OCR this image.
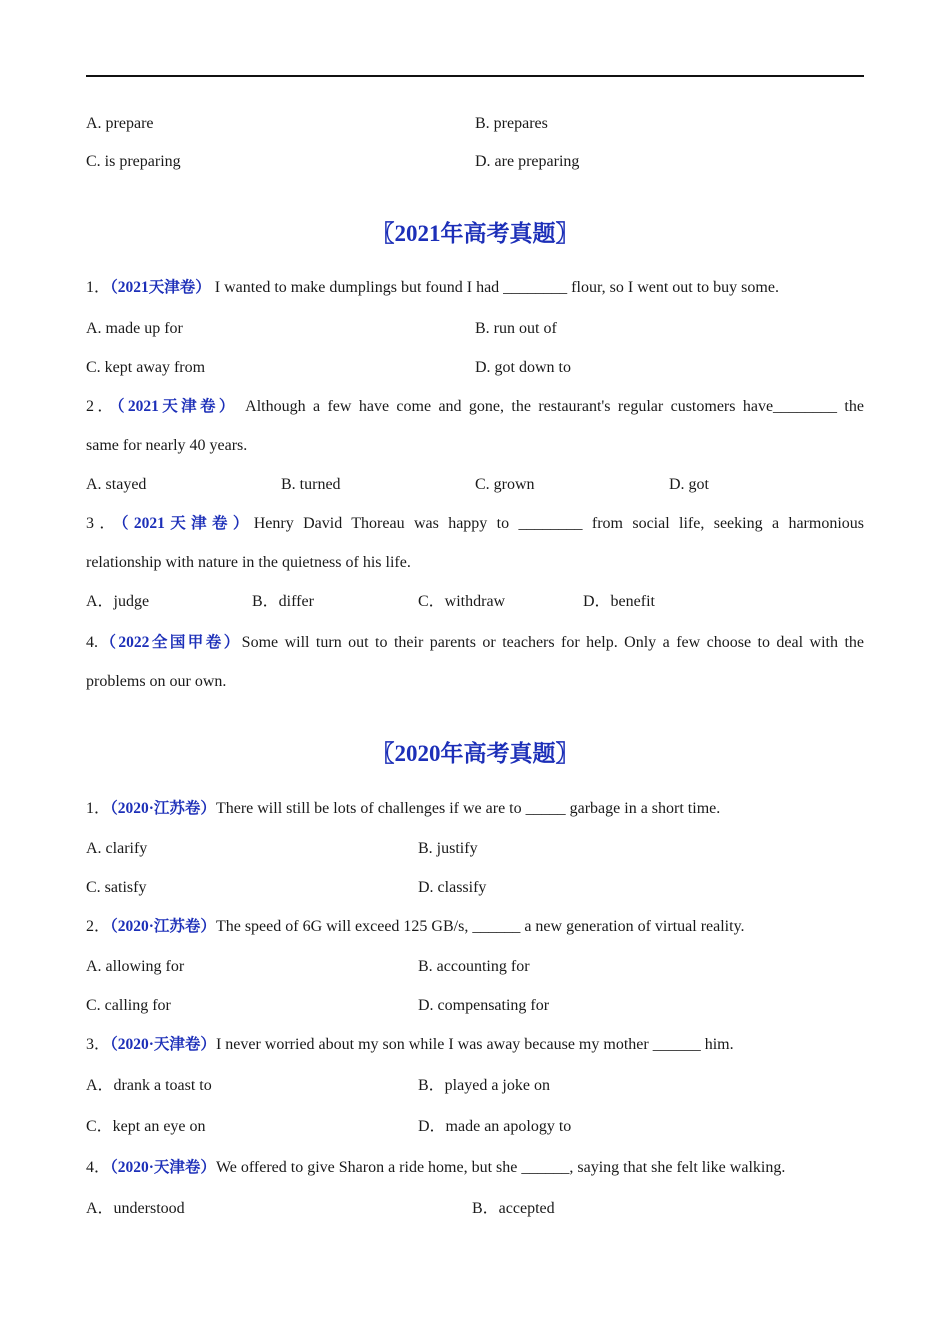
A. prepare	B. prepares
C. is preparing	D. are preparing
〖2021年高考真题〗
1．（2021天津卷） I wanted to make dumplings but found I had ________ flour, so I went out to buy some.
A. made up for	B. run out of
C. kept away from	D. got down to
2．（2021天津卷） Although a few have come and gone, the restaurant's regular customers have________ the
same for nearly 40 years.
A. stayed	B. turned	C. grown	D. got
3．（2021天津卷）Henry David Thoreau was happy to ________ from social life, seeking a harmonious
relationship with nature in the quietness of his life.
A．judge	B．differ	C．withdraw	D．benefit
4.（2022全国甲卷）Some will turn out to their parents or teachers for help. Only a few choose to deal with the
problems on our own.
〖2020年高考真题〗
1．（2020·江苏卷）There will still be lots of challenges if we are to _____ garbage in a short time.
A. clarify	B. justify
C. satisfy	D. classify
2．（2020·江苏卷）The speed of 6G will exceed 125 GB/s, ______ a new generation of virtual reality.
A. allowing for	B. accounting for
C. calling for	D. compensating for
3．（2020·天津卷）I never worried about my son while I was away because my mother ______ him.
A．drank a toast to	B．played a joke on
C．kept an eye on	D．made an apology to
4．（2020·天津卷）We offered to give Sharon a ride home, but she ______, saying that she felt like walking.
A．understood	B．accepted
